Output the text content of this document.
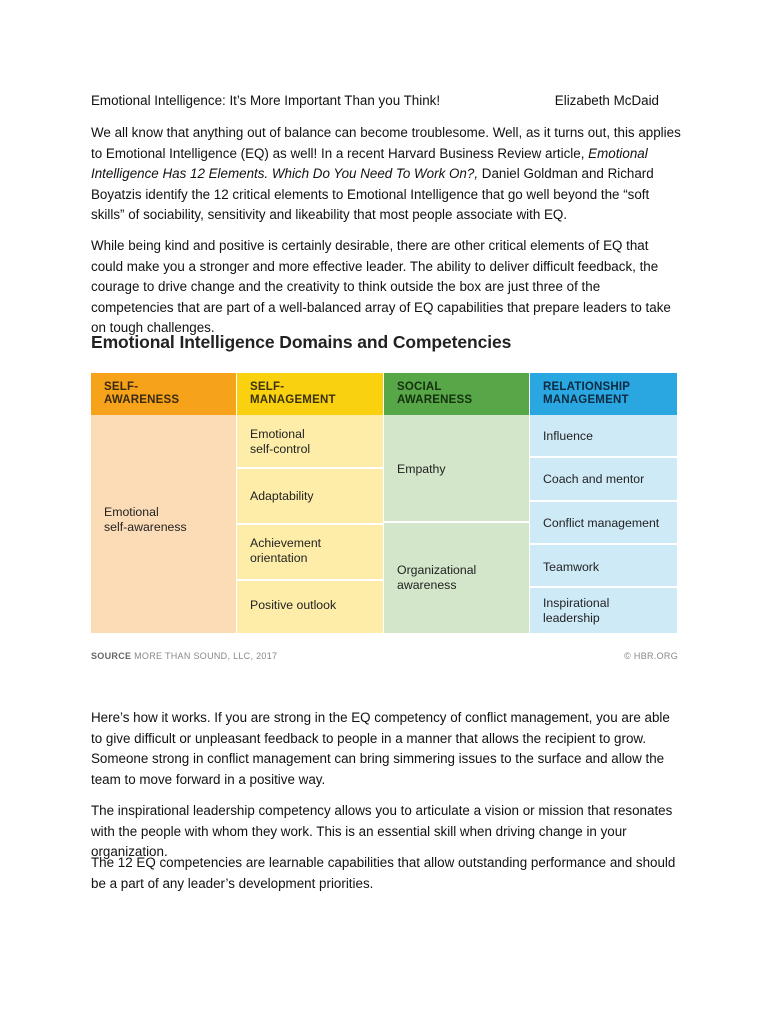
Emotional Intelligence: It’s More Important Than you Think!	Elizabeth McDaid

We all know that anything out of balance can become troublesome. Well, as it turns out, this applies to Emotional Intelligence (EQ) as well! In a recent Harvard Business Review article, Emotional Intelligence Has 12 Elements. Which Do You Need To Work On?, Daniel Goldman and Richard Boyatzis identify the 12 critical elements to Emotional Intelligence that go well beyond the “soft skills” of sociability, sensitivity and likeability that most people associate with EQ.

While being kind and positive is certainly desirable, there are other critical elements of EQ that could make you a stronger and more effective leader. The ability to deliver difficult feedback, the courage to drive change and the creativity to think outside the box are just three of the competencies that are part of a well-balanced array of EQ capabilities that prepare leaders to take on tough challenges.

Emotional Intelligence Domains and Competencies
SELF-
AWARENESS
Emotional
self-awareness
SELF-
MANAGEMENT
Emotional
self-control
Adaptability
Achievement
orientation
Positive outlook
SOCIAL
AWARENESS
Empathy
Organizational
awareness
RELATIONSHIP
MANAGEMENT
Influence
Coach and mentor
Conflict management
Teamwork
Inspirational
leadership
SOURCE MORE THAN SOUND, LLC, 2017	© HBR.ORG

Here’s how it works. If you are strong in the EQ competency of conflict management, you are able to give difficult or unpleasant feedback to people in a manner that allows the recipient to grow. Someone strong in conflict management can bring simmering issues to the surface and allow the team to move forward in a positive way.

The inspirational leadership competency allows you to articulate a vision or mission that resonates with the people with whom they work. This is an essential skill when driving change in your organization.

The 12 EQ competencies are learnable capabilities that allow outstanding performance and should be a part of any leader’s development priorities.
